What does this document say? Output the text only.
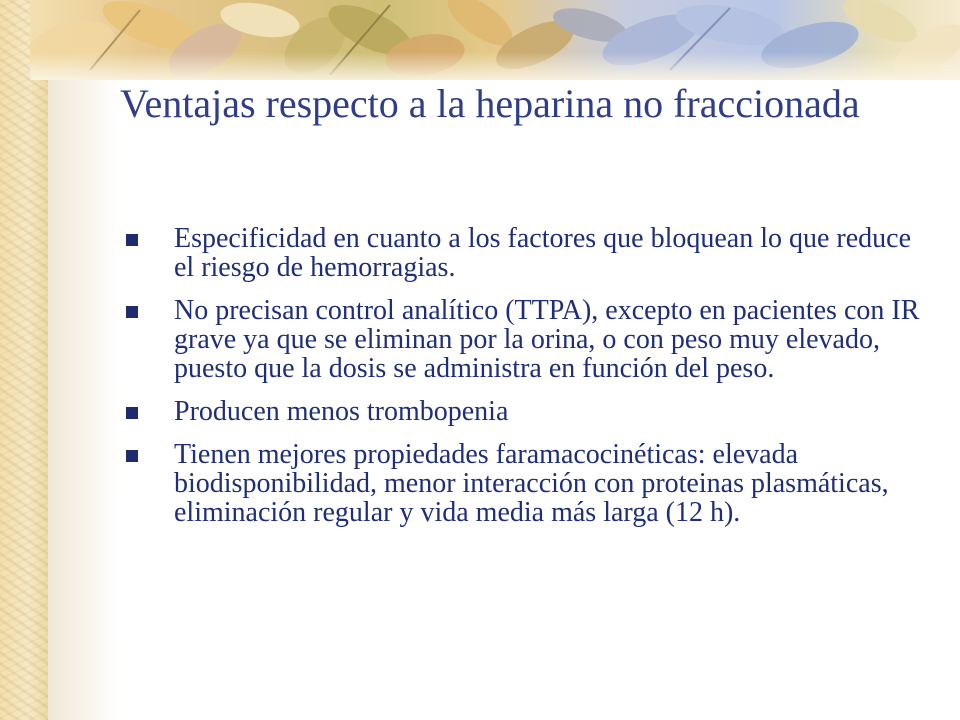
Ventajas respecto a la heparina no fraccionada
Especificidad en cuanto a los factores que bloquean lo que reduce el riesgo de hemorragias.
No precisan control analítico (TTPA), excepto en pacientes con IR grave ya que se eliminan por la orina, o con peso muy elevado, puesto que la dosis se administra en función del peso.
Producen menos trombopenia
Tienen mejores propiedades faramacocinéticas: elevada biodisponibilidad, menor interacción con proteinas plasmáticas, eliminación regular y vida media más larga (12 h).
